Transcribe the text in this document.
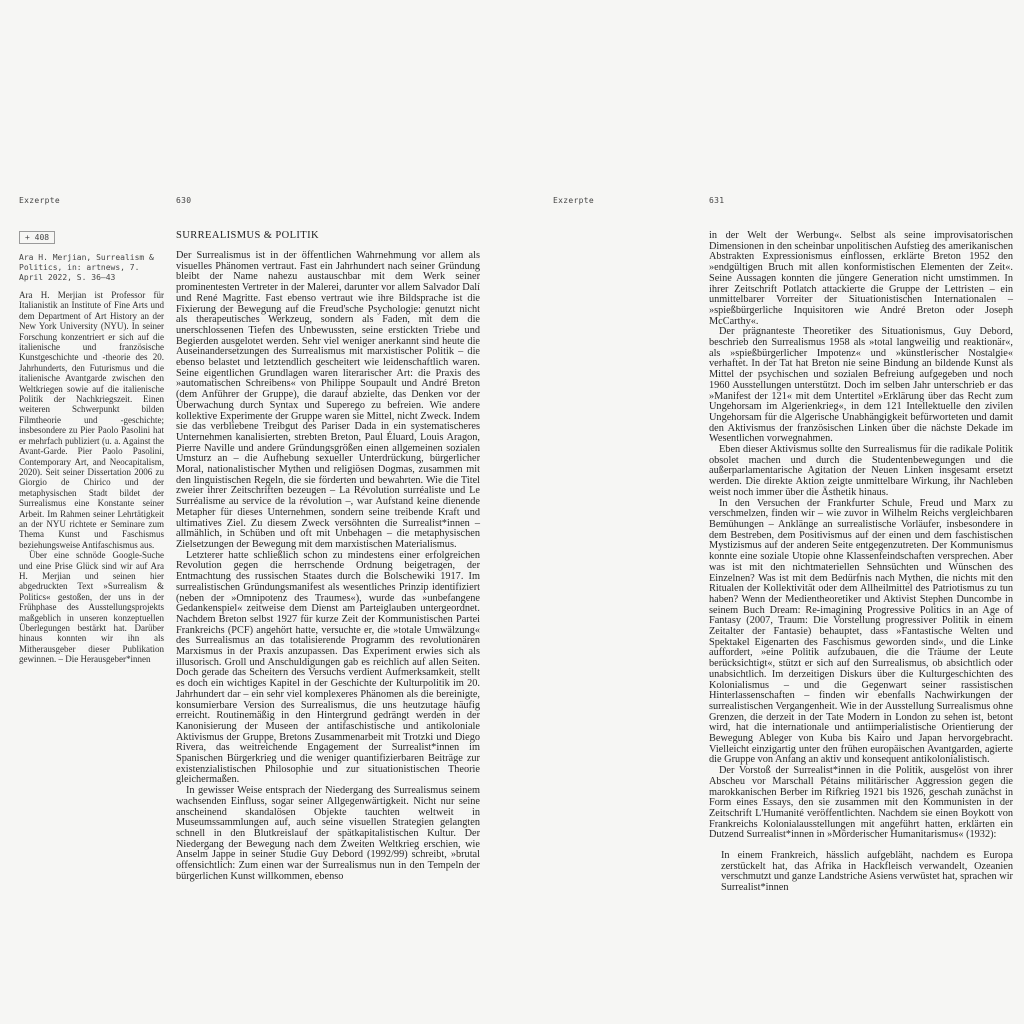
Exzerpte	630
+ 408
Ara H. Merjian, Surrealism & Politics, in: artnews, 7. April 2022, S. 36–43

Ara H. Merjian ist Professor für Italianistik an Institute of Fine Arts und dem Department of Art History an der New York University (NYU). In seiner Forschung konzentriert er sich auf die italienische und französische Kunstgeschichte und -theorie des 20. Jahrhunderts, den Futurismus und die italienische Avantgarde zwischen den Weltkriegen sowie auf die italienische Politik der Nachkriegszeit. Einen weiteren Schwerpunkt bilden Filmtheorie und -geschichte; insbesondere zu Pier Paolo Pasolini hat er mehrfach publiziert (u. a. Against the Avant-Garde. Pier Paolo Pasolini, Contemporary Art, and Neocapitalism, 2020). Seit seiner Dissertation 2006 zu Giorgio de Chirico und der metaphysischen Stadt bildet der Surrealismus eine Konstante seiner Arbeit. Im Rahmen seiner Lehrtätigkeit an der NYU richtete er Seminare zum Thema Kunst und Faschismus beziehungsweise Antifaschismus aus.

Über eine schnöde Google-Suche und eine Prise Glück sind wir auf Ara H. Merjian und seinen hier abgedruckten Text »Surrealism & Politics« gestoßen, der uns in der Frühphase des Ausstellungsprojekts maßgeblich in unseren konzeptuellen Überlegungen bestärkt hat. Darüber hinaus konnten wir ihn als Mitherausgeber dieser Publikation gewinnen. – Die Herausgeber*innen

SURREALISMUS & POLITIK

Der Surrealismus ist in der öffentlichen Wahrnehmung vor allem als visuelles Phänomen vertraut. Fast ein Jahrhundert nach seiner Gründung bleibt der Name nahezu austauschbar mit dem Werk seiner prominentesten Vertreter in der Malerei, darunter vor allem Salvador Dalí und René Magritte. Fast ebenso vertraut wie ihre Bildsprache ist die Fixierung der Bewegung auf die Freud'sche Psychologie: genutzt nicht als therapeutisches Werkzeug, sondern als Faden, mit dem die unerschlossenen Tiefen des Unbewussten, seine erstickten Triebe und Begierden ausgelotet werden. Sehr viel weniger anerkannt sind heute die Auseinandersetzungen des Surrealismus mit marxistischer Politik – die ebenso belastet und letztendlich gescheitert wie leidenschaftlich waren. Seine eigentlichen Grundlagen waren literarischer Art: die Praxis des »automatischen Schreibens« von Philippe Soupault und André Breton (dem Anführer der Gruppe), die darauf abzielte, das Denken vor der Überwachung durch Syntax und Superego zu befreien. Wie andere kollektive Experimente der Gruppe waren sie Mittel, nicht Zweck. Indem sie das verbliebene Treibgut des Pariser Dada in ein systematischeres Unternehmen kanalisierten, strebten Breton, Paul Éluard, Louis Aragon, Pierre Naville und andere Gründungsgrößen einen allgemeinen sozialen Umsturz an – die Aufhebung sexueller Unterdrückung, bürgerlicher Moral, nationalistischer Mythen und religiösen Dogmas, zusammen mit den linguistischen Regeln, die sie förderten und bewahrten. Wie die Titel zweier ihrer Zeitschriften bezeugen – La Révolution surréaliste und Le Surréalisme au service de la révolution –, war Aufstand keine dienende Metapher für dieses Unternehmen, sondern seine treibende Kraft und ultimatives Ziel. Zu diesem Zweck versöhnten die Surrealist*innen – allmählich, in Schüben und oft mit Unbehagen – die metaphysischen Zielsetzungen der Bewegung mit dem marxistischen Materialismus.

Letzterer hatte schließlich schon zu mindestens einer erfolgreichen Revolution gegen die herrschende Ordnung beigetragen, der Entmachtung des russischen Staates durch die Bolschewiki 1917. Im surrealistischen Gründungsmanifest als wesentliches Prinzip identifiziert (neben der »Omnipotenz des Traumes«), wurde das »unbefangene Gedankenspiel« zeitweise dem Dienst am Parteiglauben untergeordnet. Nachdem Breton selbst 1927 für kurze Zeit der Kommunistischen Partei Frankreichs (PCF) angehört hatte, versuchte er, die »totale Umwälzung« des Surrealismus an das totalisierende Programm des revolutionären Marxismus in der Praxis anzupassen. Das Experiment erwies sich als illusorisch. Groll und Anschuldigungen gab es reichlich auf allen Seiten. Doch gerade das Scheitern des Versuchs verdient Aufmerksamkeit, stellt es doch ein wichtiges Kapitel in der Geschichte der Kulturpolitik im 20. Jahrhundert dar – ein sehr viel komplexeres Phänomen als die bereinigte, konsumierbare Version des Surrealismus, die uns heutzutage häufig erreicht. Routinemäßig in den Hintergrund gedrängt werden in der Kanonisierung der Museen der antifaschistische und antikoloniale Aktivismus der Gruppe, Bretons Zusammenarbeit mit Trotzki und Diego Rivera, das weitreichende Engagement der Surrealist*innen im Spanischen Bürgerkrieg und die weniger quantifizierbaren Beiträge zur existenzialistischen Philosophie und zur situationistischen Theorie gleichermaßen.

In gewisser Weise entsprach der Niedergang des Surrealismus seinem wachsenden Einfluss, sogar seiner Allgegenwärtigkeit. Nicht nur seine anscheinend skandalösen Objekte tauchten weltweit in Museumssammlungen auf, auch seine visuellen Strategien gelangten schnell in den Blutkreislauf der spätkapitalistischen Kultur. Der Niedergang der Bewegung nach dem Zweiten Weltkrieg erschien, wie Anselm Jappe in seiner Studie Guy Debord (1992/99) schreibt, »brutal offensichtlich: Zum einen war der Surrealismus nun in den Tempeln der bürgerlichen Kunst willkommen, ebenso

Exzerpte	631

in der Welt der Werbung«. Selbst als seine improvisatorischen Dimensionen in den scheinbar unpolitischen Aufstieg des amerikanischen Abstrakten Expressionismus einflossen, erklärte Breton 1952 den »endgültigen Bruch mit allen konformistischen Elementen der Zeit«. Seine Aussagen konnten die jüngere Generation nicht umstimmen. In ihrer Zeitschrift Potlatch attackierte die Gruppe der Lettristen – ein unmittelbarer Vorreiter der Situationistischen Internationalen – »spießbürgerliche Inquisitoren wie André Breton oder Joseph McCarthy«.

Der prägnanteste Theoretiker des Situationismus, Guy Debord, beschrieb den Surrealismus 1958 als »total langweilig und reaktionär«, als »spießbürgerlicher Impotenz« und »künstlerischer Nostalgie« verhaftet. In der Tat hat Breton nie seine Bindung an bildende Kunst als Mittel der psychischen und sozialen Befreiung aufgegeben und noch 1960 Ausstellungen unterstützt. Doch im selben Jahr unterschrieb er das »Manifest der 121« mit dem Untertitel »Erklärung über das Recht zum Ungehorsam im Algerienkrieg«, in dem 121 Intellektuelle den zivilen Ungehorsam für die Algerische Unabhängigkeit befürworteten und damit den Aktivismus der französischen Linken über die nächste Dekade im Wesentlichen vorwegnahmen.

Eben dieser Aktivismus sollte den Surrealismus für die radikale Politik obsolet machen und durch die Studentenbewegungen und die außerparlamentarische Agitation der Neuen Linken insgesamt ersetzt werden. Die direkte Aktion zeigte unmittelbare Wirkung, ihr Nachleben weist noch immer über die Ästhetik hinaus.

In den Versuchen der Frankfurter Schule, Freud und Marx zu verschmelzen, finden wir – wie zuvor in Wilhelm Reichs vergleichbaren Bemühungen – Anklänge an surrealistische Vorläufer, insbesondere in dem Bestreben, dem Positivismus auf der einen und dem faschistischen Mystizismus auf der anderen Seite entgegenzutreten. Der Kommunismus konnte eine soziale Utopie ohne Klassenfeindschaften versprechen. Aber was ist mit den nichtmateriellen Sehnsüchten und Wünschen des Einzelnen? Was ist mit dem Bedürfnis nach Mythen, die nichts mit den Ritualen der Kollektivität oder dem Allheilmittel des Patriotismus zu tun haben? Wenn der Medientheoretiker und Aktivist Stephen Duncombe in seinem Buch Dream: Re-imagining Progressive Politics in an Age of Fantasy (2007, Traum: Die Vorstellung progressiver Politik in einem Zeitalter der Fantasie) behauptet, dass »Fantastische Welten und Spektakel Eigenarten des Faschismus geworden sind«, und die Linke auffordert, »eine Politik aufzubauen, die die Träume der Leute berücksichtigt«, stützt er sich auf den Surrealismus, ob absichtlich oder unabsichtlich. Im derzeitigen Diskurs über die Kulturgeschichten des Kolonialismus – und die Gegenwart seiner rassistischen Hinterlassenschaften – finden wir ebenfalls Nachwirkungen der surrealistischen Vergangenheit. Wie in der Ausstellung Surrealismus ohne Grenzen, die derzeit in der Tate Modern in London zu sehen ist, betont wird, hat die internationale und antiimperialistische Orientierung der Bewegung Ableger von Kuba bis Kairo und Japan hervorgebracht. Vielleicht einzigartig unter den frühen europäischen Avantgarden, agierte die Gruppe von Anfang an aktiv und konsequent antikolonialistisch.

Der Vorstoß der Surrealist*innen in die Politik, ausgelöst von ihrer Abscheu vor Marschall Pétains militärischer Aggression gegen die marokkanischen Berber im Rifkrieg 1921 bis 1926, geschah zunächst in Form eines Essays, den sie zusammen mit den Kommunisten in der Zeitschrift L'Humanité veröffentlichten. Nachdem sie einen Boykott von Frankreichs Kolonialausstellungen mit angeführt hatten, erklärten ein Dutzend Surrealist*innen in »Mörderischer Humanitarismus« (1932):

In einem Frankreich, hässlich aufgebläht, nachdem es Europa zerstückelt hat, das Afrika in Hackfleisch verwandelt, Ozeanien verschmutzt und ganze Landstriche Asiens verwüstet hat, sprachen wir Surrealist*innen
